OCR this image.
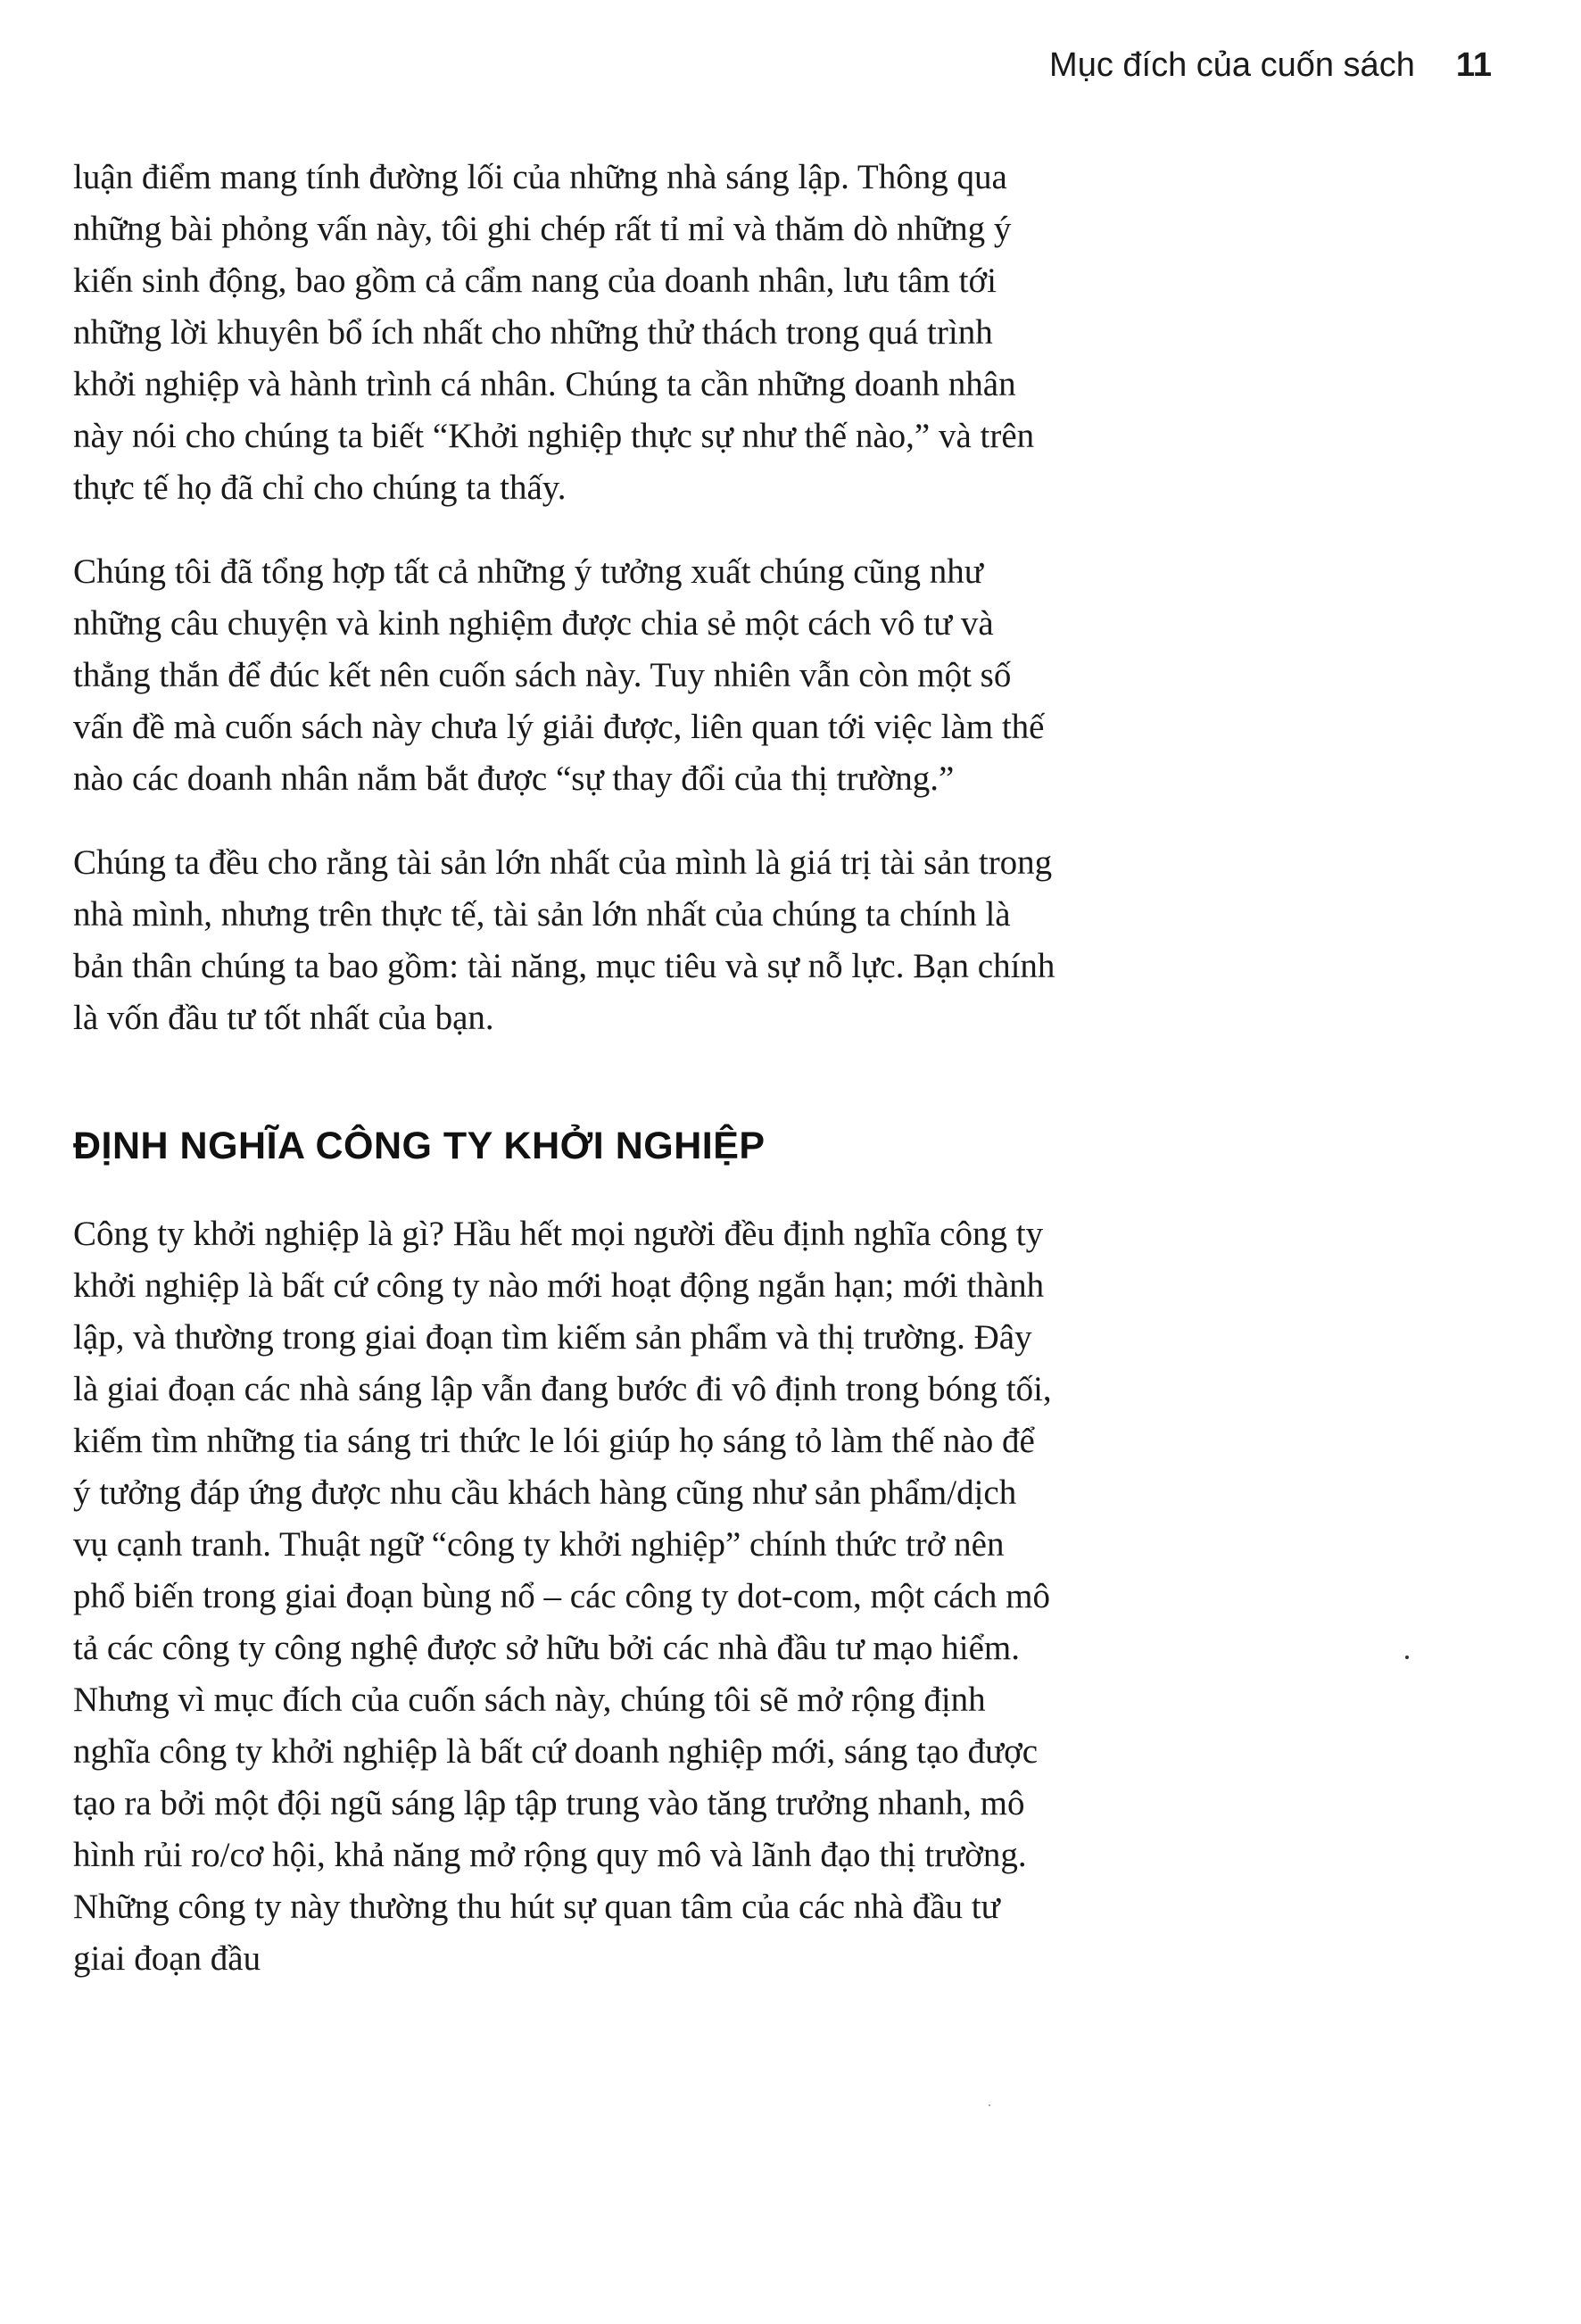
Mục đích của cuốn sách 11

luận điểm mang tính đường lối của những nhà sáng lập. Thông qua những bài phỏng vấn này, tôi ghi chép rất tỉ mỉ và thăm dò những ý kiến sinh động, bao gồm cả cẩm nang của doanh nhân, lưu tâm tới những lời khuyên bổ ích nhất cho những thử thách trong quá trình khởi nghiệp và hành trình cá nhân. Chúng ta cần những doanh nhân này nói cho chúng ta biết “Khởi nghiệp thực sự như thế nào,” và trên thực tế họ đã chỉ cho chúng ta thấy.

Chúng tôi đã tổng hợp tất cả những ý tưởng xuất chúng cũng như những câu chuyện và kinh nghiệm được chia sẻ một cách vô tư và thẳng thắn để đúc kết nên cuốn sách này. Tuy nhiên vẫn còn một số vấn đề mà cuốn sách này chưa lý giải được, liên quan tới việc làm thế nào các doanh nhân nắm bắt được “sự thay đổi của thị trường.”

Chúng ta đều cho rằng tài sản lớn nhất của mình là giá trị tài sản trong nhà mình, nhưng trên thực tế, tài sản lớn nhất của chúng ta chính là bản thân chúng ta bao gồm: tài năng, mục tiêu và sự nỗ lực. Bạn chính là vốn đầu tư tốt nhất của bạn.

ĐỊNH NGHĨA CÔNG TY KHỞI NGHIỆP

Công ty khởi nghiệp là gì? Hầu hết mọi người đều định nghĩa công ty khởi nghiệp là bất cứ công ty nào mới hoạt động ngắn hạn; mới thành lập, và thường trong giai đoạn tìm kiếm sản phẩm và thị trường. Đây là giai đoạn các nhà sáng lập vẫn đang bước đi vô định trong bóng tối, kiếm tìm những tia sáng tri thức le lói giúp họ sáng tỏ làm thế nào để ý tưởng đáp ứng được nhu cầu khách hàng cũng như sản phẩm/dịch vụ cạnh tranh. Thuật ngữ “công ty khởi nghiệp” chính thức trở nên phổ biến trong giai đoạn bùng nổ – các công ty dot-com, một cách mô tả các công ty công nghệ được sở hữu bởi các nhà đầu tư mạo hiểm. Nhưng vì mục đích của cuốn sách này, chúng tôi sẽ mở rộng định nghĩa công ty khởi nghiệp là bất cứ doanh nghiệp mới, sáng tạo được tạo ra bởi một đội ngũ sáng lập tập trung vào tăng trưởng nhanh, mô hình rủi ro/cơ hội, khả năng mở rộng quy mô và lãnh đạo thị trường. Những công ty này thường thu hút sự quan tâm của các nhà đầu tư giai đoạn đầu
